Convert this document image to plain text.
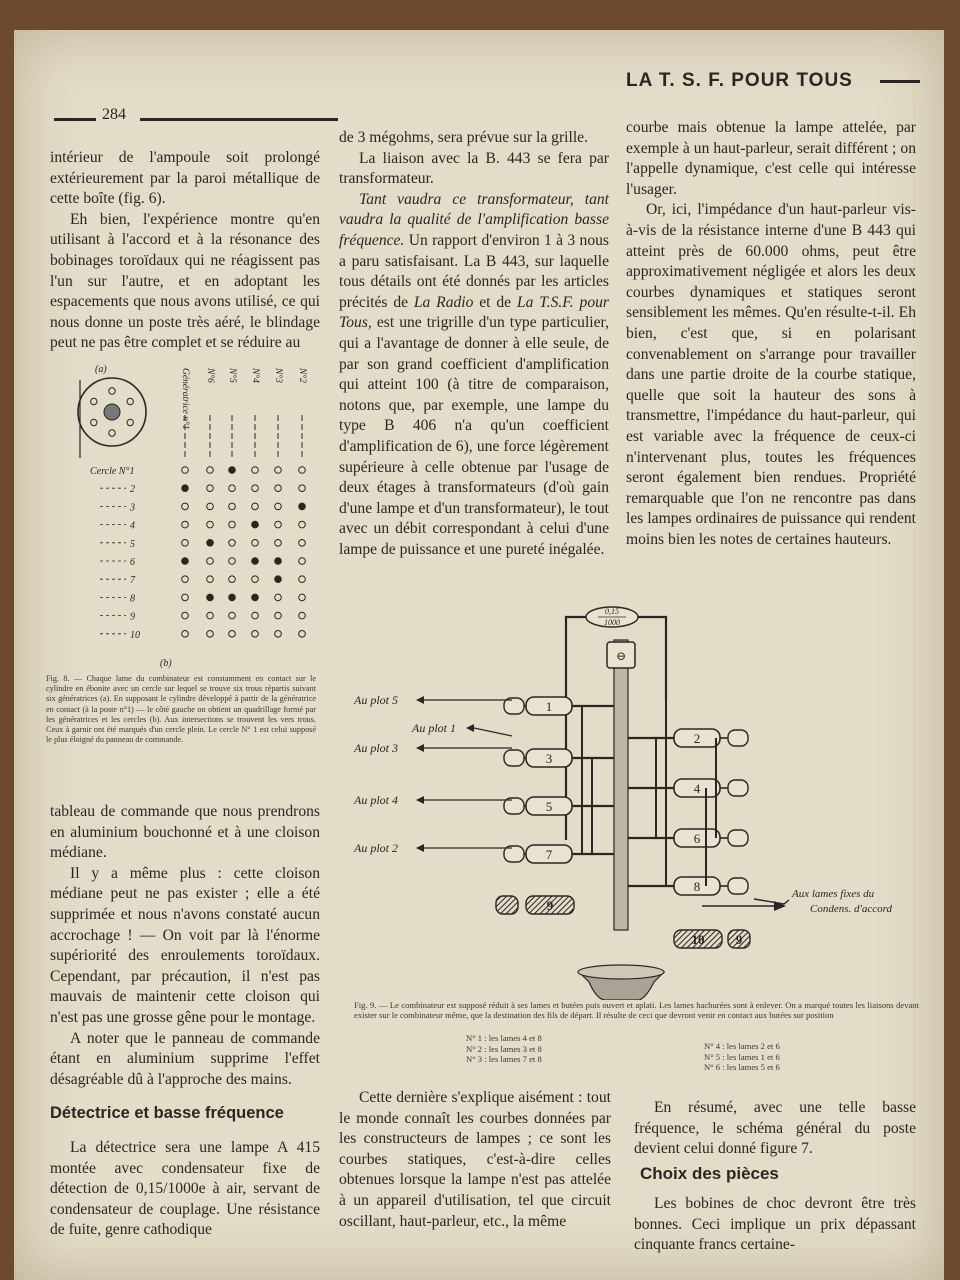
284
LA T. S. F. POUR TOUS

intérieur de l'ampoule soit prolongé extérieurement par la paroi métallique de cette boîte (fig. 6).

Eh bien, l'expérience montre qu'en utilisant à l'accord et à la résonance des bobinages toroïdaux qui ne réagissent pas l'un sur l'autre, et en adoptant les espacements que nous avons utilisé, ce qui nous donne un poste très aéré, le blindage peut ne pas être complet et se réduire au

(a)	Génératrice n°1 N°6 N°5 N°4 N°3 N°2
Cercle N°1
2
3
4
5
6
7
8
9
10
(b)

Fig. 8. — Chaque lame du combinateur est constamment en contact sur le cylindre en ébonite avec un cercle sur lequel se trouve six trous répartis suivant six génératrices (a). En supposant le cylindre développé à partir de la génératrice en contact (à la poste n°1) — le côté gauche on obtient un quadrillage formé par les génératrices et les cercles (b). Aux intersections se trouvent les vers trous. Ceux à garnir ont été marqués d'un cercle plein. Le cercle N° 1 est celui supposé le plus éloigné du panneau de commande.

tableau de commande que nous prendrons en aluminium bouchonné et à une cloison médiane.

Il y a même plus : cette cloison médiane peut ne pas exister ; elle a été supprimée et nous n'avons constaté aucun accrochage ! — On voit par là l'énorme supériorité des enroulements toroïdaux. Cependant, par précaution, il n'est pas mauvais de maintenir cette cloison qui n'est pas une grosse gêne pour le montage.

A noter que le panneau de commande étant en aluminium supprime l'effet désagréable dû à l'approche des mains.

Détectrice et basse fréquence

La détectrice sera une lampe A 415 montée avec condensateur fixe de détection de 0,15/1000e à air, servant de condensateur de couplage. Une résistance de fuite, genre cathodique

de 3 mégohms, sera prévue sur la grille.

La liaison avec la B. 443 se fera par transformateur.

Tant vaudra ce transformateur, tant vaudra la qualité de l'amplification basse fréquence. Un rapport d'environ 1 à 3 nous a paru satisfaisant. La B 443, sur laquelle tous détails ont été donnés par les articles précités de La Radio et de La T.S.F. pour Tous, est une trigrille d'un type particulier, qui a l'avantage de donner à elle seule, de par son grand coefficient d'amplification qui atteint 100 (à titre de comparaison, notons que, par exemple, une lampe du type B 406 n'a qu'un coefficient d'amplification de 6), une force légèrement supérieure à celle obtenue par l'usage de deux étages à transformateurs (d'où gain d'une lampe et d'un transformateur), le tout avec un débit correspondant à celui d'une lampe de puissance et une pureté inégalée.

courbe mais obtenue la lampe attelée, par exemple à un haut-parleur, serait différent ; on l'appelle dynamique, c'est celle qui intéresse l'usager.

Or, ici, l'impédance d'un haut-parleur vis-à-vis de la résistance interne d'une B 443 qui atteint près de 60.000 ohms, peut être approximativement négligée et alors les deux courbes dynamiques et statiques seront sensiblement les mêmes. Qu'en résulte-t-il. Eh bien, c'est que, si en polarisant convenablement on s'arrange pour travailler dans une partie droite de la courbe statique, quelle que soit la hauteur des sons à transmettre, l'impédance du haut-parleur, qui est variable avec la fréquence de ceux-ci n'intervenant plus, toutes les fréquences seront également bien rendues. Propriété remarquable que l'on ne rencontre pas dans les lampes ordinaires de puissance qui rendent moins bien les notes de certaines hauteurs.

0,15
1000
⊖
1
2
3
4
5
6
7
8
Au plot 5
Au plot 1
Au plot 3
Au plot 4
Au plot 2
9
10 9
Aux lames fixes du
Condens. d'accord

Fig. 9. — Le combinateur est supposé réduit à ses lames et butées puis ouvert et aplati. Les lames hachurées sont à enlever. On a marqué toutes les liaisons devant exister sur le combinateur même, que la destination des fils de départ. Il résulte de ceci que devront venir en contact aux butées sur position

N° 1 : les lames 4 et 8
N° 2 : les lames 3 et 8
N° 3 : les lames 7 et 8
N° 4 : les lames 2 et 6
N° 5 : les lames 1 et 6
N° 6 : les lames 5 et 6

Cette dernière s'explique aisément : tout le monde connaît les courbes données par les constructeurs de lampes ; ce sont les courbes statiques, c'est-à-dire celles obtenues lorsque la lampe n'est pas attelée à un appareil d'utilisation, tel que circuit oscillant, haut-parleur, etc., la même

En résumé, avec une telle basse fréquence, le schéma général du poste devient celui donné figure 7.

Choix des pièces

Les bobines de choc devront être très bonnes. Ceci implique un prix dépassant cinquante francs certaine-
